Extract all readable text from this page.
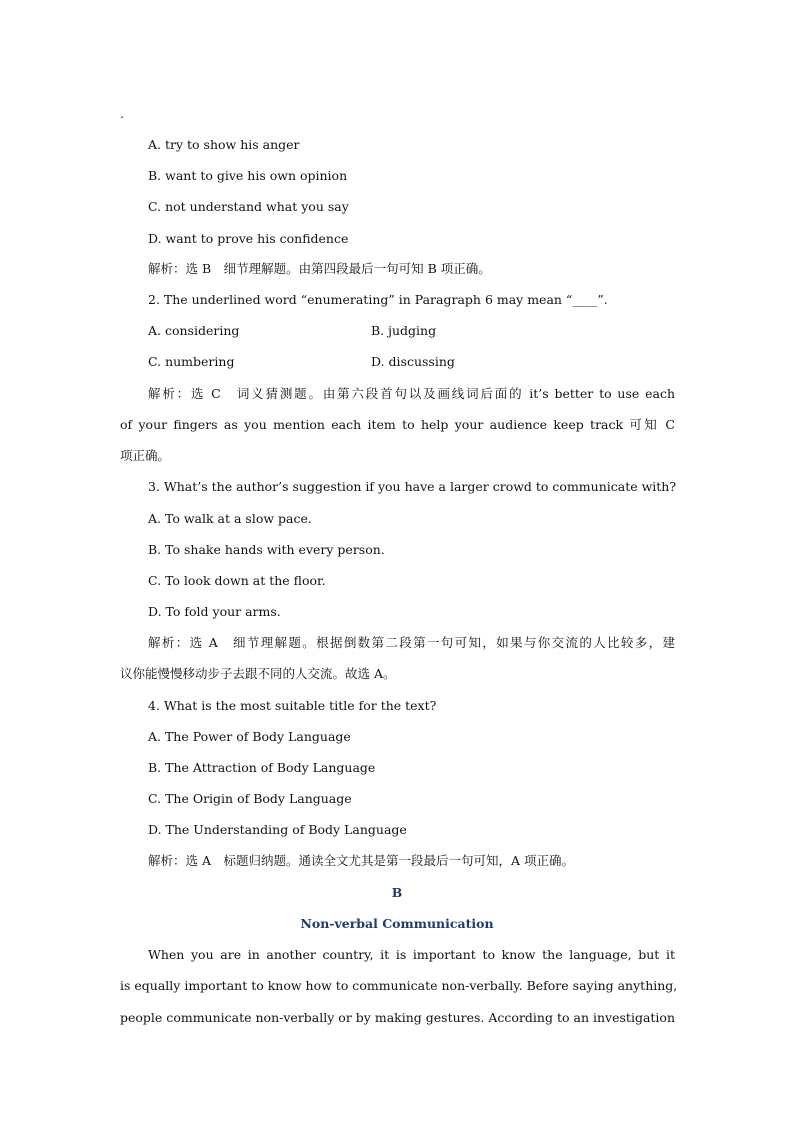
.
A. try to show his anger
B. want to give his own opinion
C. not understand what you say
D. want to prove his confidence
解析：选 B　细节理解题。由第四段最后一句可知 B 项正确。
2. The underlined word “enumerating” in Paragraph 6 may mean “____”.
A. considering	B. judging
C. numbering	D. discussing
解析：选 C　词义猜测题。由第六段首句以及画线词后面的 it’s better to use each
of your fingers as you mention each item to help your audience keep track 可知 C
项正确。
3. What’s the author’s suggestion if you have a larger crowd to communicate with?
A. To walk at a slow pace.
B. To shake hands with every person.
C. To look down at the floor.
D. To fold your arms.
解析：选 A　细节理解题。根据倒数第二段第一句可知，如果与你交流的人比较多，建
议你能慢慢移动步子去跟不同的人交流。故选 A。
4. What is the most suitable title for the text?
A. The Power of Body Language
B. The Attraction of Body Language
C. The Origin of Body Language
D. The Understanding of Body Language
解析：选 A　标题归纳题。通读全文尤其是第一段最后一句可知，A 项正确。
B
Non-verbal Communication
When you are in another country, it is important to know the language, but it
is equally important to know how to communicate non-verbally. Before saying anything,
people communicate non-verbally or by making gestures. According to an investigation
